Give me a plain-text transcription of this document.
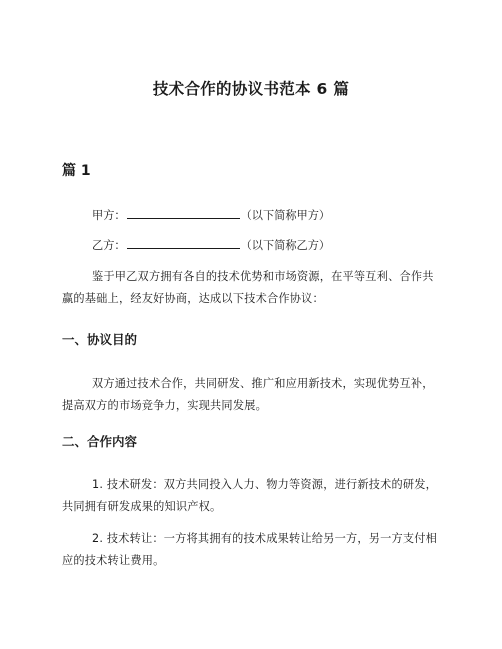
技术合作的协议书范本 6 篇
篇 1
甲方：	（以下简称甲方）
乙方：	（以下简称乙方）

鉴于甲乙双方拥有各自的技术优势和市场资源，在平等互利、合作共赢的基础上，经友好协商，达成以下技术合作协议：

一、协议目的

双方通过技术合作，共同研发、推广和应用新技术，实现优势互补，提高双方的市场竞争力，实现共同发展。

二、合作内容

1. 技术研发：双方共同投入人力、物力等资源，进行新技术的研发，共同拥有研发成果的知识产权。

2. 技术转让：一方将其拥有的技术成果转让给另一方，另一方支付相应的技术转让费用。
